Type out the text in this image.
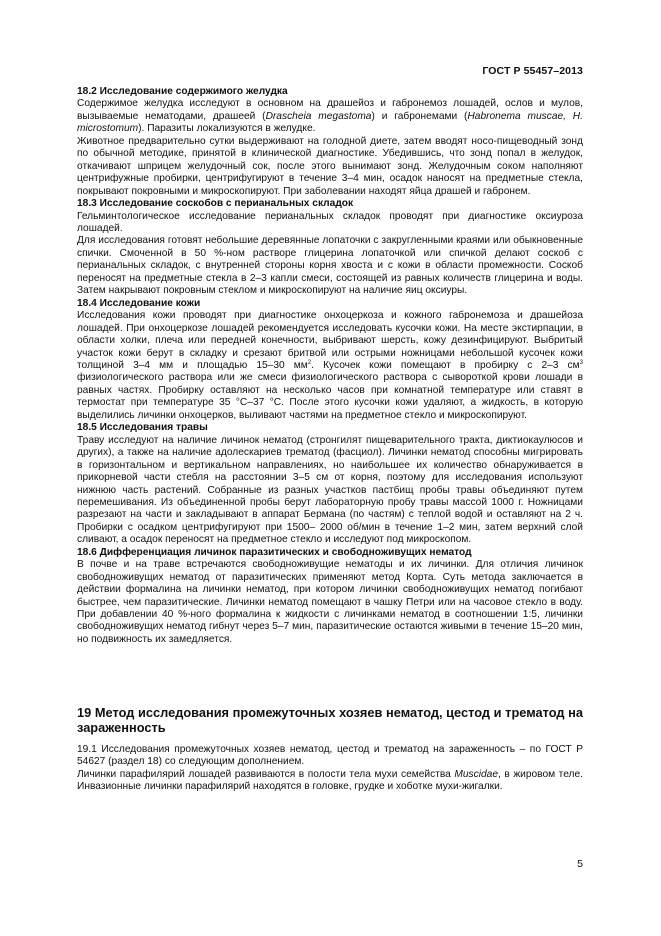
ГОСТ Р 55457–2013

18.2 Исследование содержимого желудка

Содержимое желудка исследуют в основном на драшейоз и габронемоз лошадей, ослов и мулов, вызываемые нематодами, драшеей (Drascheia megastoma) и габронемами (Habronema muscae, H. microstomum). Паразиты локализуются в желудке.

Животное предварительно сутки выдерживают на голодной диете, затем вводят носо-пищеводный зонд по обычной методике, принятой в клинической диагностике. Убедившись, что зонд попал в желудок, откачивают шприцем желудочный сок, после этого вынимают зонд. Желудочным соком наполняют центрифужные пробирки, центрифугируют в течение 3–4 мин, осадок наносят на предметные стекла, покрывают покровными и микроскопируют. При заболевании находят яйца драшей и габронем.

18.3 Исследование соскобов с перианальных складок

Гельминтологическое исследование перианальных складок проводят при диагностике оксиуроза лошадей.

Для исследования готовят небольшие деревянные лопаточки с закругленными краями или обыкновенные спички. Смоченной в 50 %-ном растворе глицерина лопаточкой или спичкой делают соскоб с перианальных складок, с внутренней стороны корня хвоста и с кожи в области промежности. Соскоб переносят на предметные стекла в 2–3 капли смеси, состоящей из равных количеств глицерина и воды. Затем накрывают покровным стеклом и микроскопируют на наличие яиц оксиуры.

18.4 Исследование кожи

Исследования кожи проводят при диагностике онхоцеркоза и кожного габронемоза и драшейоза лошадей. При онхоцеркозе лошадей рекомендуется исследовать кусочки кожи. На месте экстирпации, в области холки, плеча или передней конечности, выбривают шерсть, кожу дезинфицируют. Выбритый участок кожи берут в складку и срезают бритвой или острыми ножницами небольшой кусочек кожи толщиной 3–4 мм и площадью 15–30 $мм^2$. Кусочек кожи помещают в пробирку с 2–3 $см^3$ физиологического раствора или же смеси физиологического раствора с сывороткой крови лошади в равных частях. Пробирку оставляют на несколько часов при комнатной температуре или ставят в термостат при температуре 35 °С–37 °С. После этого кусочки кожи удаляют, а жидкость, в которую выделились личинки онхоцерков, выливают частями на предметное стекло и микроскопируют.

18.5 Исследования травы

Траву исследуют на наличие личинок нематод (стронгилят пищеварительного тракта, диктиокаулюсов и других), а также на наличие адолескариев трематод (фасциол). Личинки нематод способны мигрировать в горизонтальном и вертикальном направлениях, но наибольшее их количество обнаруживается в прикорневой части стебля на расстоянии 3–5 см от корня, поэтому для исследования используют нижнюю часть растений. Собранные из разных участков пастбищ пробы травы объединяют путем перемешивания. Из объединенной пробы берут лабораторную пробу травы массой 1000 г. Ножницами разрезают на части и закладывают в аппарат Бермана (по частям) с теплой водой и оставляют на 2 ч. Пробирки с осадком центрифугируют при 1500– 2000 об/мин в течение 1–2 мин, затем верхний слой сливают, а осадок переносят на предметное стекло и исследуют под микроскопом.

18.6 Дифференциация личинок паразитических и свободноживущих нематод

В почве и на траве встречаются свободноживущие нематоды и их личинки. Для отличия личинок свободноживущих нематод от паразитических применяют метод Корта. Суть метода заключается в действии формалина на личинки нематод, при котором личинки свободноживущих нематод погибают быстрее, чем паразитические. Личинки нематод помещают в чашку Петри или на часовое стекло в воду. При добавлении 40 %-ного формалина к жидкости с личинками нематод в соотношении 1:5, личинки свободноживущих нематод гибнут через 5–7 мин, паразитические остаются живыми в течение 15–20 мин, но подвижность их замедляется.

19 Метод исследования промежуточных хозяев нематод, цестод и трематод на зараженность

19.1 Исследования промежуточных хозяев нематод, цестод и трематод на зараженность – по ГОСТ Р 54627 (раздел 18) со следующим дополнением.

Личинки парафилярий лошадей развиваются в полости тела мухи семейства Muscidae, в жировом теле. Инвазионные личинки парафилярий находятся в головке, грудке и хоботке мухи-жигалки.

5
